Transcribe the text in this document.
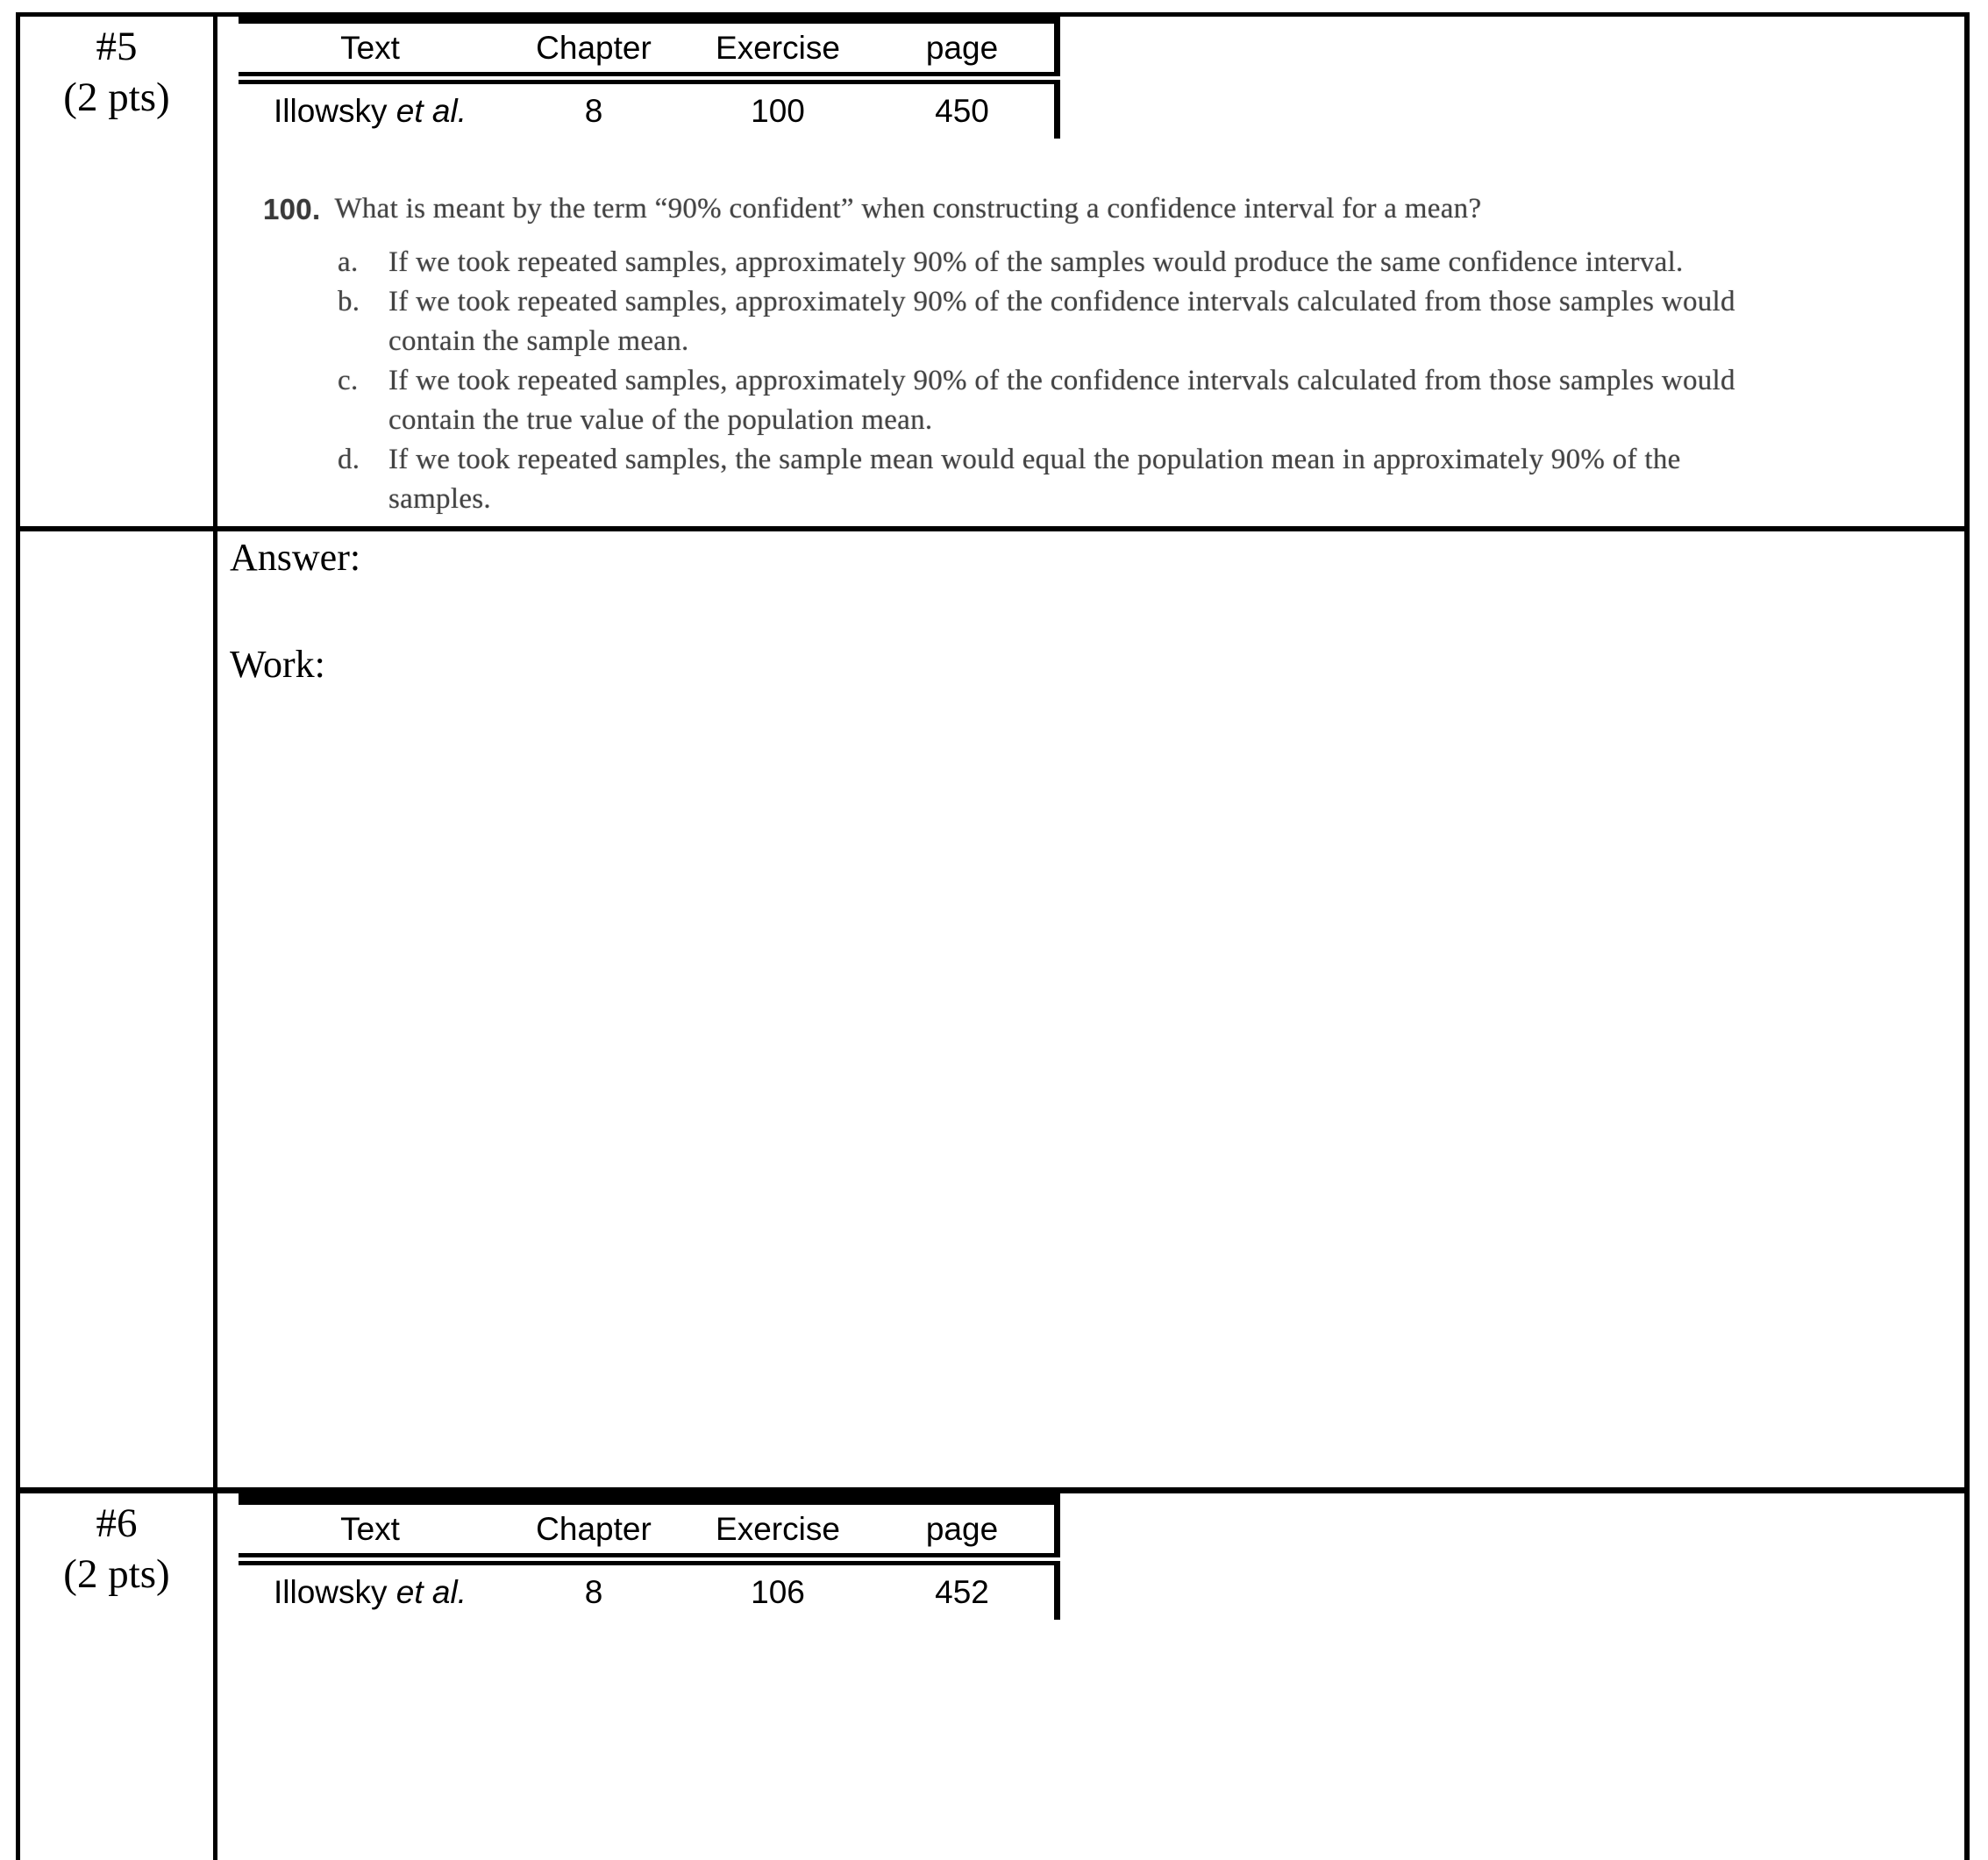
#5
(2 pts)
Text	Chapter	Exercise	page
Illowsky et al.	8	100	450
100. What is meant by the term “90% confident” when constructing a confidence interval for a mean?
a.	If we took repeated samples, approximately 90% of the samples would produce the same confidence interval.
b. If we took repeated samples, approximately 90% of the confidence intervals calculated from those samples would
contain the sample mean.
c.	If we took repeated samples, approximately 90% of the confidence intervals calculated from those samples would
contain the true value of the population mean.
d. If we took repeated samples, the sample mean would equal the population mean in approximately 90% of the
samples.
Answer:
Work:
#6
(2 pts)
Text	Chapter	Exercise	page
Illowsky et al.	8	106	452
